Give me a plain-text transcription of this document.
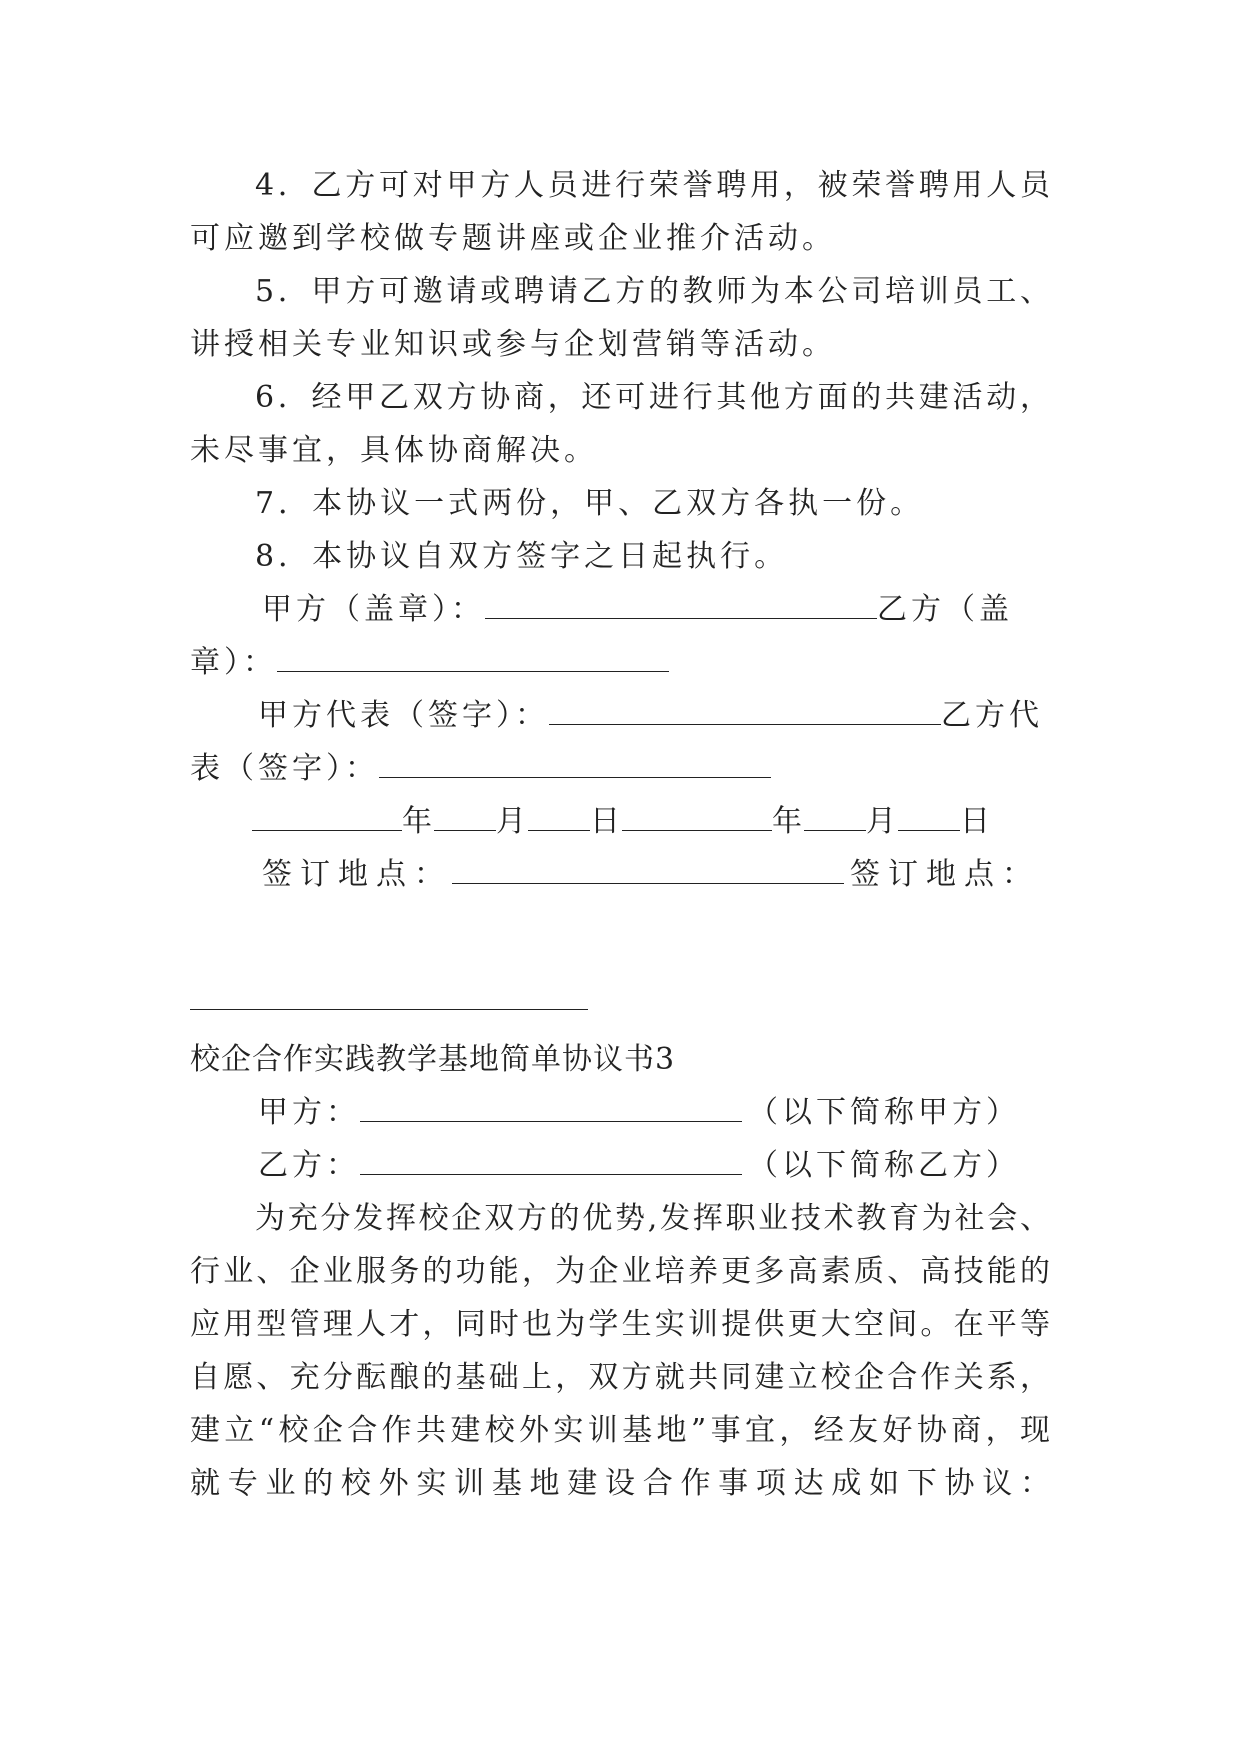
4．乙方可对甲方人员进行荣誉聘用，被荣誉聘用人员
可应邀到学校做专题讲座或企业推介活动。
5．甲方可邀请或聘请乙方的教师为本公司培训员工、
讲授相关专业知识或参与企划营销等活动。
6．经甲乙双方协商，还可进行其他方面的共建活动，
未尽事宜，具体协商解决。
7．本协议一式两份，甲、乙双方各执一份。
8．本协议自双方签字之日起执行。
甲方（盖章）：	乙方（盖
章）：
甲方代表（签字）：	乙方代
表（签字）：
年 月 日	年 月 日
签订地点：	签订地点：
校企合作实践教学基地简单协议书3
甲方：	（以下简称甲方）
乙方：	（以下简称乙方）
为充分发挥校企双方的优势,发挥职业技术教育为社会、
行业、企业服务的功能，为企业培养更多高素质、高技能的
应用型管理人才，同时也为学生实训提供更大空间。在平等
自愿、充分酝酿的基础上，双方就共同建立校企合作关系，
建立“校企合作共建校外实训基地”事宜，经友好协商，现
就专业的校外实训基地建设合作事项达成如下协议：
